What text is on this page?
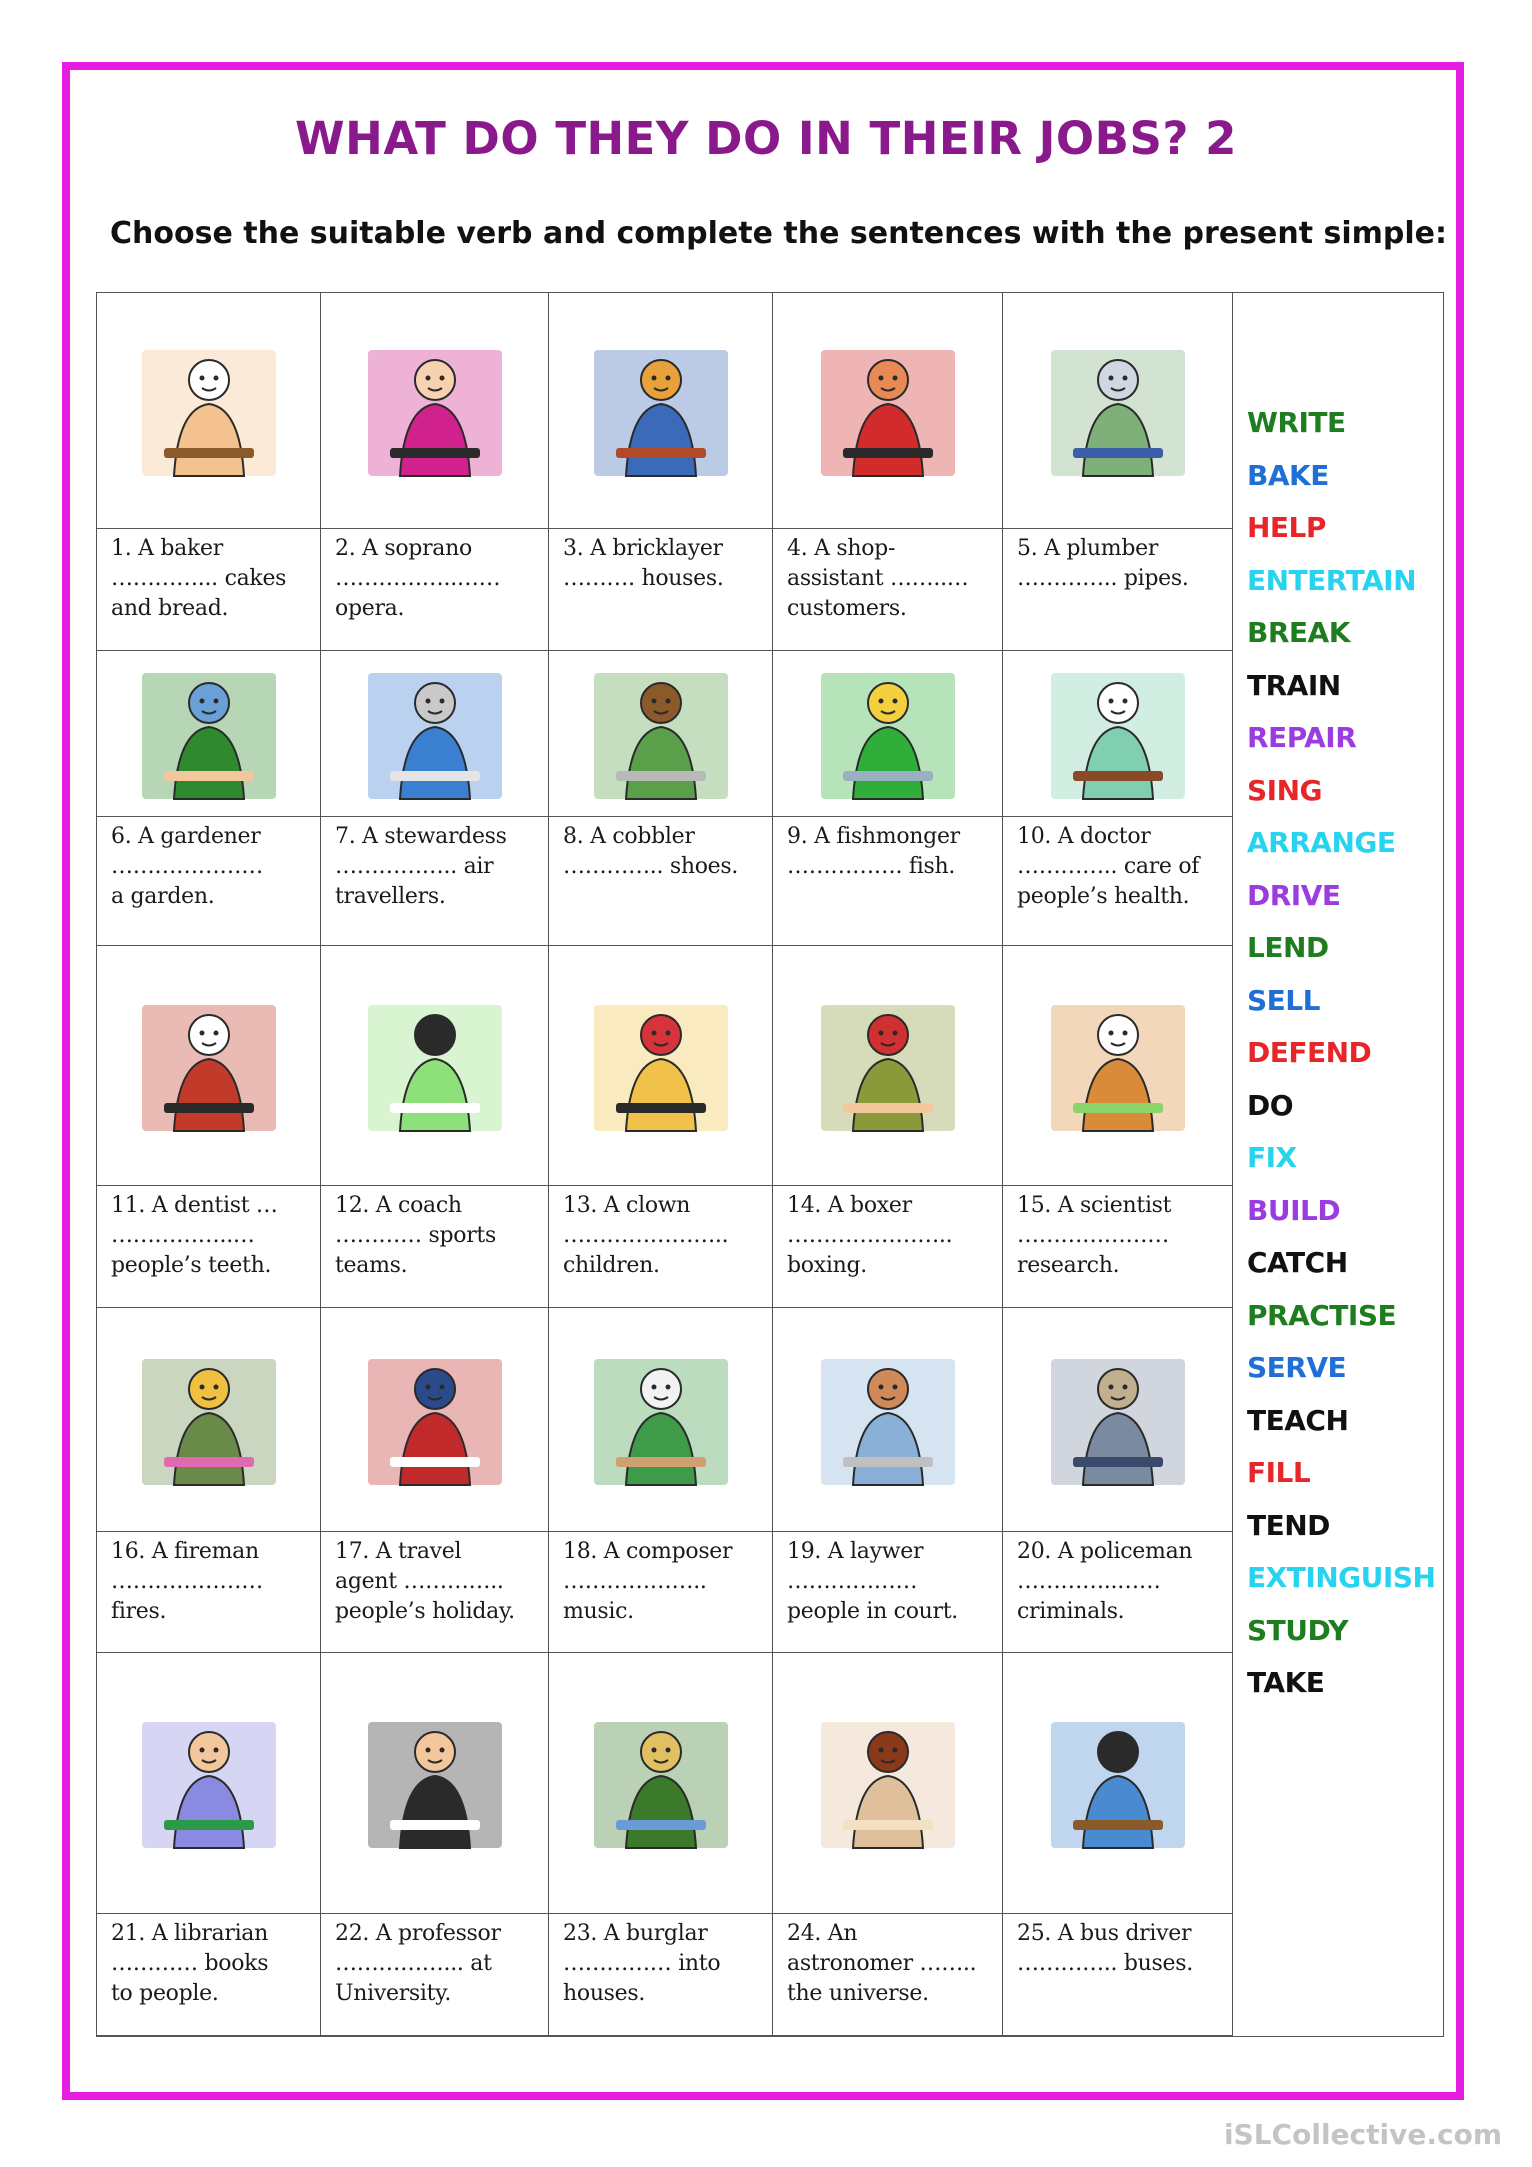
WHAT DO THEY DO IN THEIR JOBS? 2
Choose the suitable verb and complete the sentences with the present simple:
1. A baker
…………... cakes
and bread.
2. A soprano
……………..……
opera.
3. A bricklayer
………. houses.
4. A shop-
assistant ……..…
customers.
5. A plumber
………….. pipes.
6. A gardener
…………………
a garden.
7. A stewardess
…………….. air
travellers.
8. A cobbler
………….. shoes.
9. A fishmonger
……………. fish.
10. A doctor
………….. care of
people’s health.
11. A dentist …
……………..…
people’s teeth.
12. A coach
………… sports
teams.
13. A clown
…………………..
children.
14. A boxer
…………………..
boxing.
15. A scientist
…………………
research.
16. A fireman
…………………
fires.
17. A travel
agent …………..
people’s holiday.
18. A composer
………………..
music.
19. A laywer
………………
people in court.
20. A policeman
…………..……
criminals.
21. A librarian
………… books
to people.
22. A professor
……………... at
University.
23. A burglar
…………… into
houses.
24. An
astronomer ……..
the universe.
25. A bus driver
………….. buses.
WRITE
BAKE
HELP
ENTERTAIN
BREAK
TRAIN
REPAIR
SING
ARRANGE
DRIVE
LEND
SELL
DEFEND
DO
FIX
BUILD
CATCH
PRACTISE
SERVE
TEACH
FILL
TEND
EXTINGUISH
STUDY
TAKE
iSLCollective.com
